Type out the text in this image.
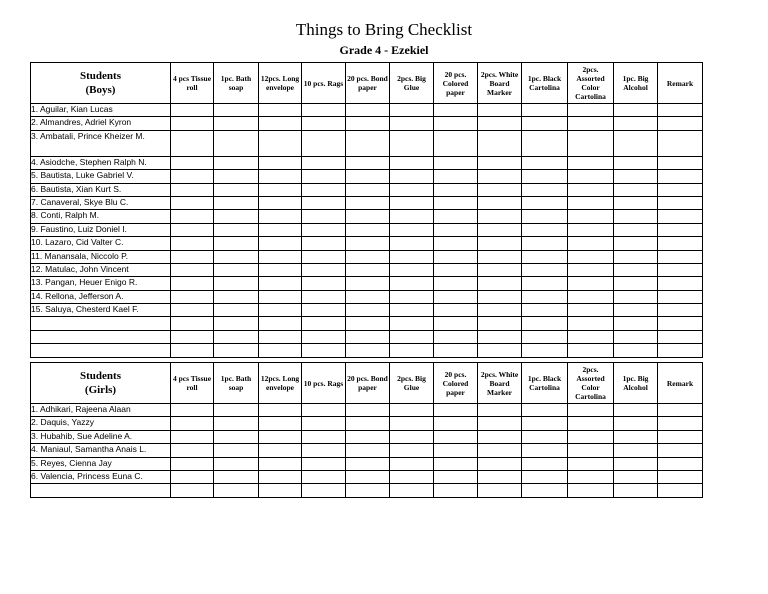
Things to Bring Checklist
Grade 4 - Ezekiel
Students
(Boys)	4 pcs Tissue roll	1pc. Bath soap	12pcs. Long envelope	10 pcs. Rags	20 pcs. Bond paper	2pcs. Big Glue	20 pcs. Colored paper	2pcs. White Board Marker	1pc. Black Cartolina	2pcs. Assorted Color Cartolina	1pc. Big Alcohol	Remark
1. Aguilar, Kian Lucas												
2. Almandres, Adriel Kyron												
3. Ambatali, Prince Kheizer M.												
4. Asiodche, Stephen Ralph N.												
5. Bautista, Luke Gabriel V.												
6. Bautista, Xian Kurt S.												
7. Canaveral, Skye Blu C.												
8. Conti, Ralph M.												
9. Faustino, Luiz Doniel I.												
10. Lazaro, Cid Valter C.												
11. Manansala, Niccolo P.												
12. Matulac, John Vincent												
13. Pangan, Heuer Enigo R.												
14. Rellona, Jefferson A.												
15. Saluya, Chesterd Kael F.												

Students
(Girls)	4 pcs Tissue roll	1pc. Bath soap	12pcs. Long envelope	10 pcs. Rags	20 pcs. Bond paper	2pcs. Big Glue	20 pcs. Colored paper	2pcs. White Board Marker	1pc. Black Cartolina	2pcs. Assorted Color Cartolina	1pc. Big Alcohol	Remark
1. Adhikari, Rajeena Alaan												
2. Daquis, Yazzy												
3. Hubahib, Sue Adeline A.												
4. Maniaul, Samantha Anais L.												
5. Reyes, Cienna Jay												
6. Valencia, Princess Euna C.												
